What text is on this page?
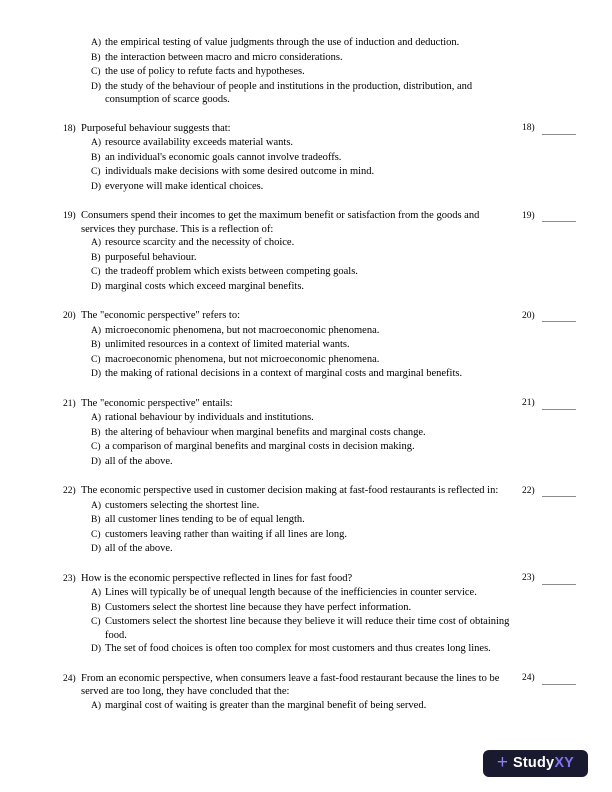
A) the empirical testing of value judgments through the use of induction and deduction.
B) the interaction between macro and micro considerations.
C) the use of policy to refute facts and hypotheses.
D) the study of the behaviour of people and institutions in the production, distribution, and consumption of scarce goods.
18) Purposeful behaviour suggests that:
A) resource availability exceeds material wants.
B) an individual's economic goals cannot involve tradeoffs.
C) individuals make decisions with some desired outcome in mind.
D) everyone will make identical choices.
18)
19) Consumers spend their incomes to get the maximum benefit or satisfaction from the goods and services they purchase. This is a reflection of:
A) resource scarcity and the necessity of choice.
B) purposeful behaviour.
C) the tradeoff problem which exists between competing goals.
D) marginal costs which exceed marginal benefits.
19)
20) The "economic perspective" refers to:
A) microeconomic phenomena, but not macroeconomic phenomena.
B) unlimited resources in a context of limited material wants.
C) macroeconomic phenomena, but not microeconomic phenomena.
D) the making of rational decisions in a context of marginal costs and marginal benefits.
20)
21) The "economic perspective" entails:
A) rational behaviour by individuals and institutions.
B) the altering of behaviour when marginal benefits and marginal costs change.
C) a comparison of marginal benefits and marginal costs in decision making.
D) all of the above.
21)
22) The economic perspective used in customer decision making at fast-food restaurants is reflected in:
A) customers selecting the shortest line.
B) all customer lines tending to be of equal length.
C) customers leaving rather than waiting if all lines are long.
D) all of the above.
22)
23) How is the economic perspective reflected in lines for fast food?
A) Lines will typically be of unequal length because of the inefficiencies in counter service.
B) Customers select the shortest line because they have perfect information.
C) Customers select the shortest line because they believe it will reduce their time cost of obtaining food.
D) The set of food choices is often too complex for most customers and thus creates long lines.
23)
24) From an economic perspective, when consumers leave a fast-food restaurant because the lines to be served are too long, they have concluded that the:
A) marginal cost of waiting is greater than the marginal benefit of being served.
24)
+ StudyXY
